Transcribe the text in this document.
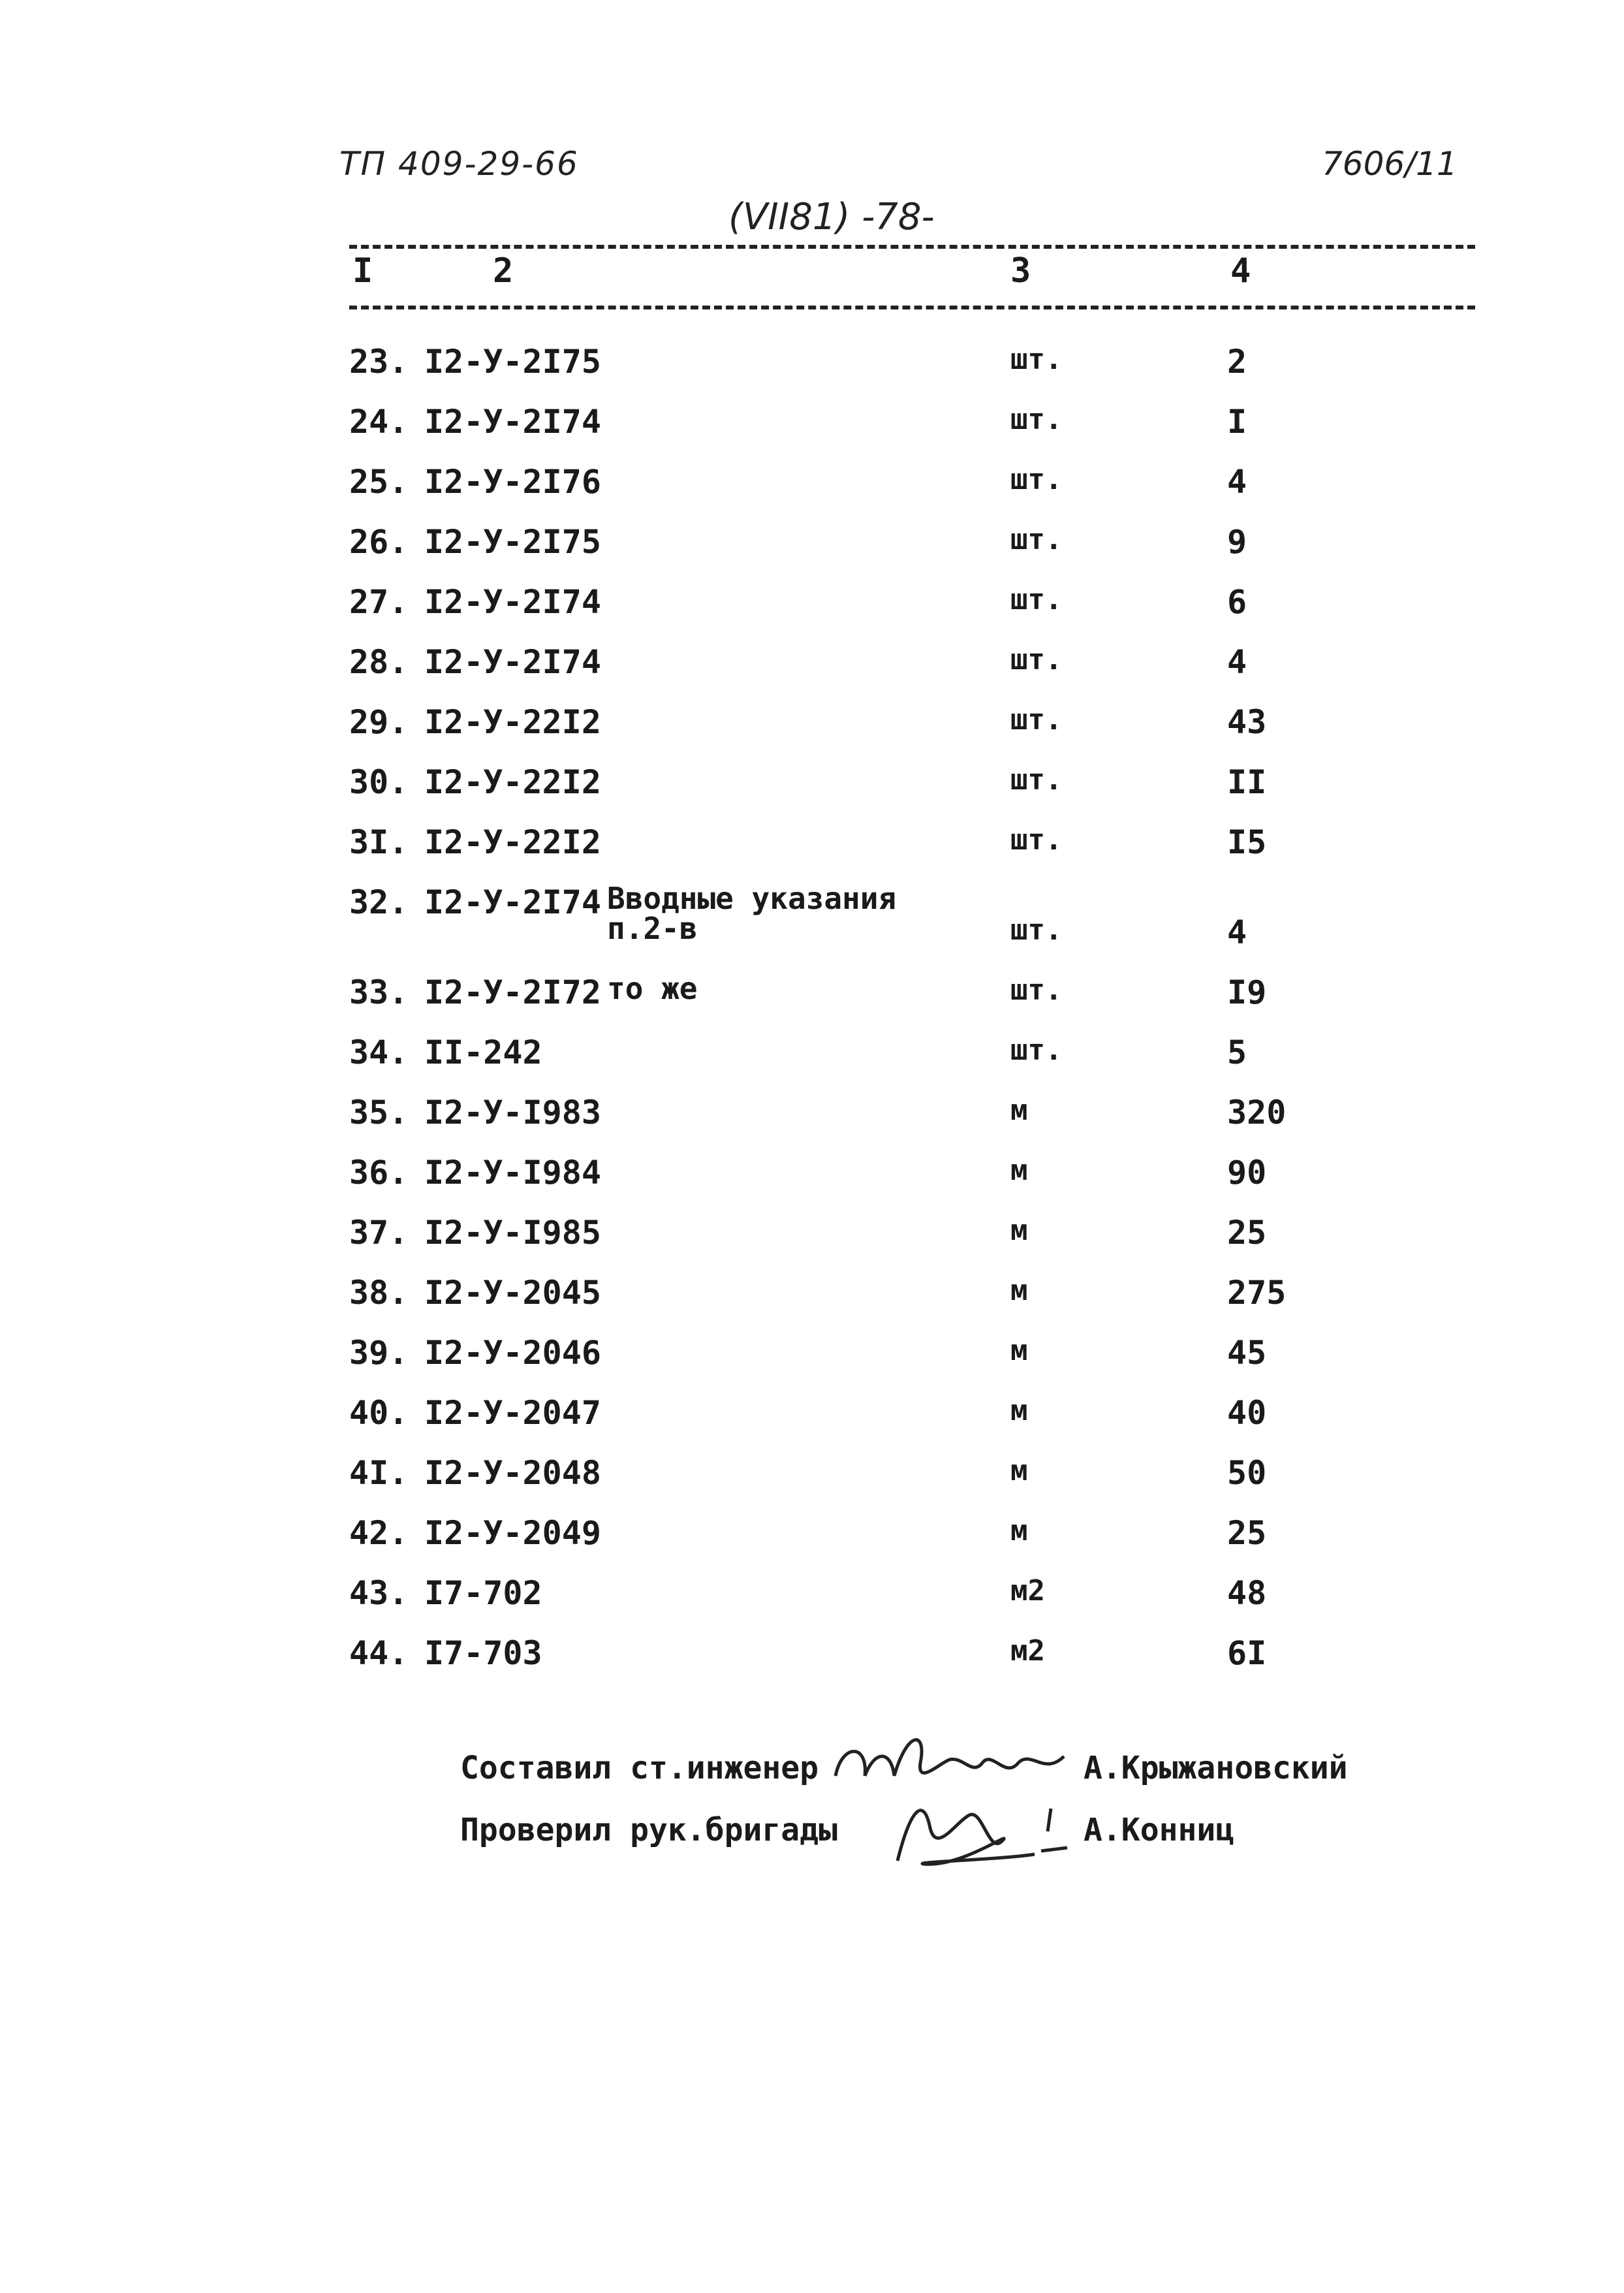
ТП 409-29-66	7606/11
(VII81) -78-
I	2	3	4
23. I2-У-2I75	шт.	2
24. I2-У-2I74	шт.	I
25. I2-У-2I76	шт.	4
26. I2-У-2I75	шт.	9
27. I2-У-2I74	шт.	6
28. I2-У-2I74	шт.	4
29. I2-У-22I2	шт.	43
30. I2-У-22I2	шт.	II
3I. I2-У-22I2	шт.	I5
32. I2-У-2I74 Вводные указания
п.2-в	шт.	4
33. I2-У-2I72 то же	шт.	I9
34. II-242	шт.	5
35. I2-У-I983	м	320
36. I2-У-I984	м	90
37. I2-У-I985	м	25
38. I2-У-2045	м	275
39. I2-У-2046	м	45
40. I2-У-2047	м	40
4I. I2-У-2048	м	50
42. I2-У-2049	м	25
43. I7-702	м2	48
44. I7-703	м2	6I
Составил ст.инженер	А.Крыжановский
Проверил рук.бригады	А.Конниц
